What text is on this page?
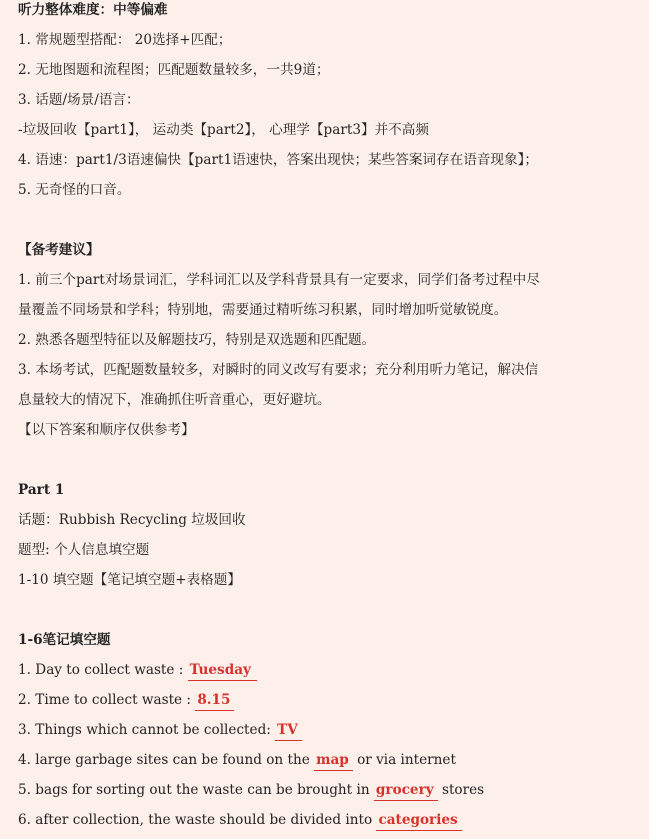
听力整体难度：中等偏难
1. 常规题型搭配： 20选择+匹配；
2. 无地图题和流程图；匹配题数量较多，一共9道；
3. 话题/场景/语言：
-垃圾回收【part1】， 运动类【part2】， 心理学【part3】并不高频
4. 语速：part1/3语速偏快【part1语速快，答案出现快；某些答案词存在语音现象】；
5. 无奇怪的口音。
【备考建议】
1. 前三个part对场景词汇，学科词汇以及学科背景具有一定要求，同学们备考过程中尽
量覆盖不同场景和学科；特别地，需要通过精听练习积累，同时增加听觉敏锐度。
2. 熟悉各题型特征以及解题技巧，特别是双选题和匹配题。
3. 本场考试，匹配题数量较多，对瞬时的同义改写有要求；充分利用听力笔记，解决信
息量较大的情况下，准确抓住听音重心，更好避坑。
【以下答案和顺序仅供参考】
Part 1
话题：Rubbish Recycling 垃圾回收
题型: 个人信息填空题
1-10 填空题【笔记填空题+表格题】
1-6笔记填空题
1. Day to collect waste : Tuesday
2. Time to collect waste : 8.15
3. Things which cannot be collected: TV
4. large garbage sites can be found on the map or via internet
5. bags for sorting out the waste can be brought in grocery stores
6. after collection, the waste should be divided into categories
